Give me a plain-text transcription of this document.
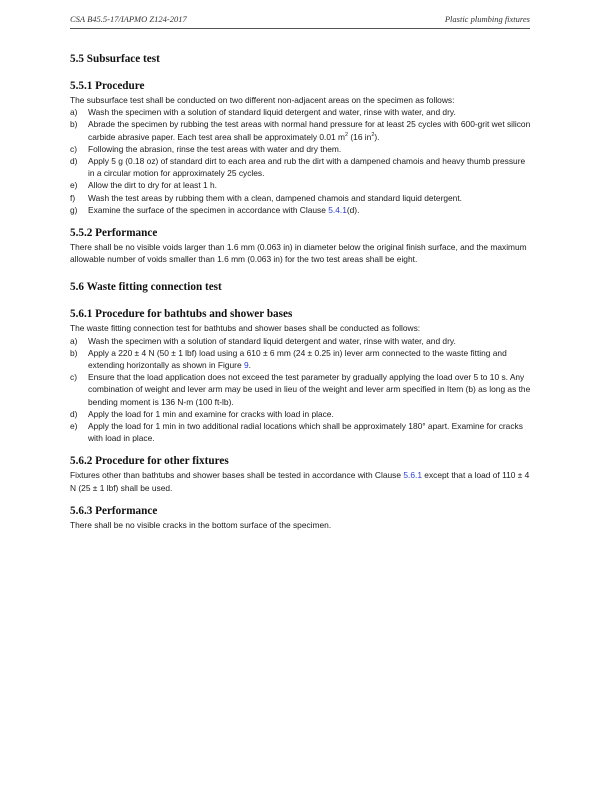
CSA B45.5-17/IAPMO Z124-2017	Plastic plumbing fixtures
5.5 Subsurface test
5.5.1 Procedure

The subsurface test shall be conducted on two different non-adjacent areas on the specimen as follows:

a) Wash the specimen with a solution of standard liquid detergent and water, rinse with water, and dry.
b) Abrade the specimen by rubbing the test areas with normal hand pressure for at least 25 cycles with 600-grit wet silicon carbide abrasive paper. Each test area shall be approximately 0.01 $m^2$ (16 $in^2$).
c) Following the abrasion, rinse the test areas with water and dry them.
d) Apply 5 g (0.18 oz) of standard dirt to each area and rub the dirt with a dampened chamois and heavy thumb pressure in a circular motion for approximately 25 cycles.
e) Allow the dirt to dry for at least 1 h.
f) Wash the test areas by rubbing them with a clean, dampened chamois and standard liquid detergent.
g) Examine the surface of the specimen in accordance with Clause 5.4.1(d).
5.5.2 Performance

There shall be no visible voids larger than 1.6 mm (0.063 in) in diameter below the original finish surface, and the maximum allowable number of voids smaller than 1.6 mm (0.063 in) for the two test areas shall be eight.

5.6 Waste fitting connection test
5.6.1 Procedure for bathtubs and shower bases

The waste fitting connection test for bathtubs and shower bases shall be conducted as follows:

a) Wash the specimen with a solution of standard liquid detergent and water, rinse with water, and dry.
b) Apply a 220 ± 4 N (50 ± 1 lbf) load using a 610 ± 6 mm (24 ± 0.25 in) lever arm connected to the waste fitting and extending horizontally as shown in Figure 9.
c) Ensure that the load application does not exceed the test parameter by gradually applying the load over 5 to 10 s. Any combination of weight and lever arm may be used in lieu of the weight and lever arm specified in Item (b) as long as the bending moment is 136 N-m (100 ft-lb).
d) Apply the load for 1 min and examine for cracks with load in place.
e) Apply the load for 1 min in two additional radial locations which shall be approximately 180° apart. Examine for cracks with load in place.
5.6.2 Procedure for other fixtures

Fixtures other than bathtubs and shower bases shall be tested in accordance with Clause 5.6.1 except that a load of 110 ± 4 N (25 ± 1 lbf) shall be used.

5.6.3 Performance

There shall be no visible cracks in the bottom surface of the specimen.
